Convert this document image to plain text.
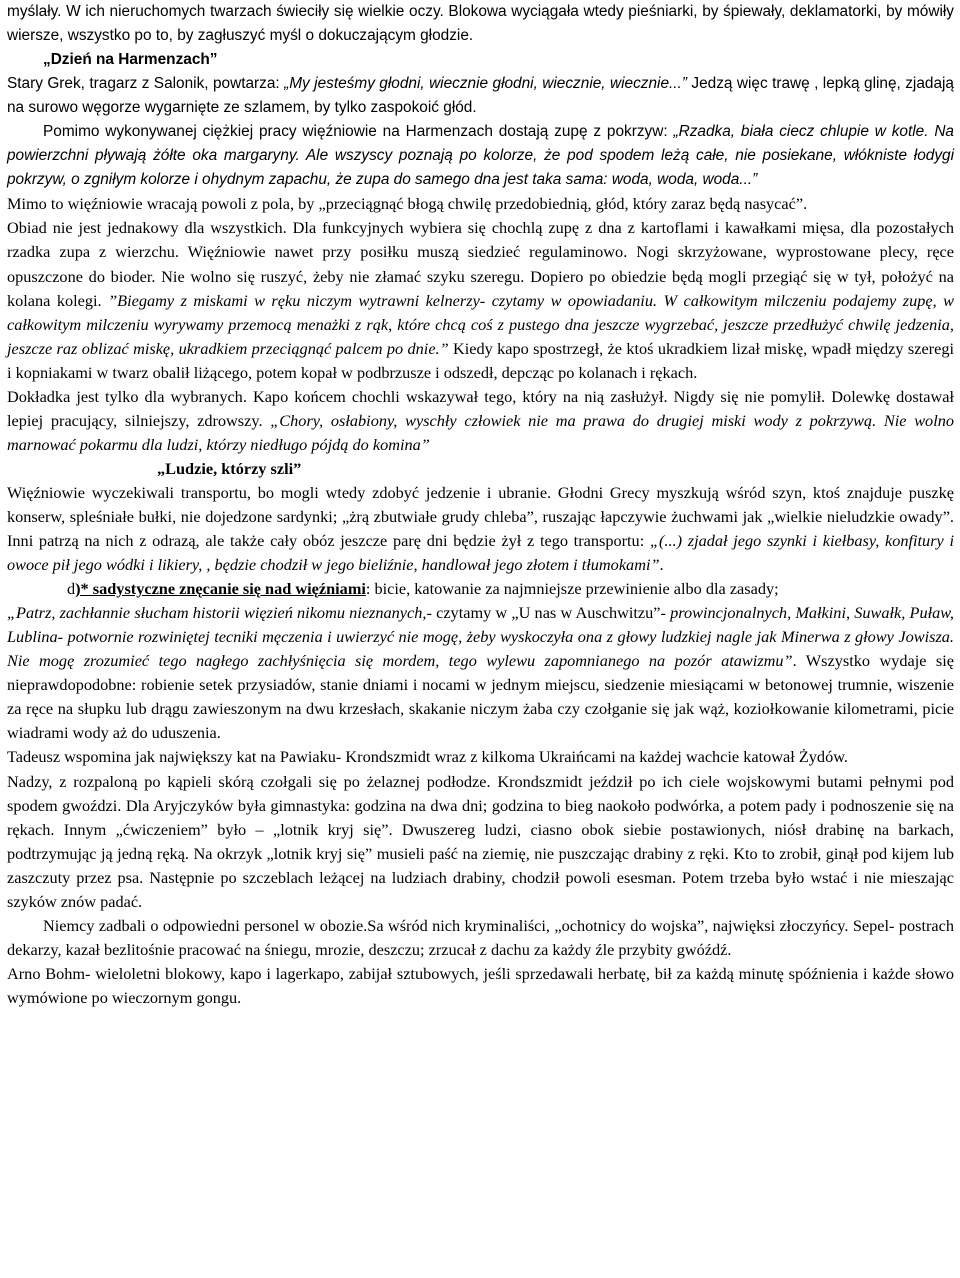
myślały. W ich nieruchomych twarzach świeciły się wielkie oczy. Blokowa wyciągała wtedy pieśniarki, by śpiewały, deklamatorki, by mówiły wiersze, wszystko po to, by zagłuszyć myśl o dokuczającym głodzie.

„Dzień na Harmenzach”

Stary Grek, tragarz z Salonik, powtarza: „My jesteśmy głodni, wiecznie głodni, wiecznie, wiecznie...” Jedzą więc trawę , lepką glinę, zjadają na surowo węgorze wygarnięte ze szlamem, by tylko zaspokoić głód.

Pomimo wykonywanej ciężkiej pracy więźniowie na Harmenzach dostają zupę z pokrzyw: „Rzadka, biała ciecz chlupie w kotle. Na powierzchni pływają żółte oka margaryny. Ale wszyscy poznają po kolorze, że pod spodem leżą całe, nie posiekane, włókniste łodygi pokrzyw, o zgniłym kolorze i ohydnym zapachu, że zupa do samego dna jest taka sama: woda, woda, woda...”

Mimo to więźniowie wracają powoli z pola, by „przeciągnąć błogą chwilę przedobiednią, głód, który zaraz będą nasycać”.

Obiad nie jest jednakowy dla wszystkich. Dla funkcyjnych wybiera się chochlą zupę z dna z kartoflami i kawałkami mięsa, dla pozostałych rzadka zupa z wierzchu. Więźniowie nawet przy posiłku muszą siedzieć regulaminowo. Nogi skrzyżowane, wyprostowane plecy, ręce opuszczone do bioder. Nie wolno się ruszyć, żeby nie złamać szyku szeregu. Dopiero po obiedzie będą mogli przegiąć się w tył, położyć na kolana kolegi. ”Biegamy z miskami w ręku niczym wytrawni kelnerzy- czytamy w opowiadaniu. W całkowitym milczeniu podajemy zupę, w całkowitym milczeniu wyrywamy przemocą menażki z rąk, które chcą coś z pustego dna jeszcze wygrzebać, jeszcze przedłużyć chwilę jedzenia, jeszcze raz oblizać miskę, ukradkiem przeciągnąć palcem po dnie.” Kiedy kapo spostrzegł, że ktoś ukradkiem lizał miskę, wpadł między szeregi i kopniakami w twarz obalił liżącego, potem kopał w podbrzusze i odszedł, depcząc po kolanach i rękach.

Dokładka jest tylko dla wybranych. Kapo końcem chochli wskazywał tego, który na nią zasłużył. Nigdy się nie pomylił. Dolewkę dostawał lepiej pracujący, silniejszy, zdrowszy. „Chory, osłabiony, wyschły człowiek nie ma prawa do drugiej miski wody z pokrzywą. Nie wolno marnować pokarmu dla ludzi, którzy niedługo pójdą do komina”

„Ludzie, którzy szli”

Więźniowie wyczekiwali transportu, bo mogli wtedy zdobyć jedzenie i ubranie. Głodni Grecy myszkują wśród szyn, ktoś znajduje puszkę konserw, spleśniałe bułki, nie dojedzone sardynki; „żrą zbutwiałe grudy chleba”, ruszając łapczywie żuchwami jak „wielkie nieludzkie owady”. Inni patrzą na nich z odrazą, ale także cały obóz jeszcze parę dni będzie żył z tego transportu: „(...) zjadał jego szynki i kiełbasy, konfitury i owoce pił jego wódki i likiery, , będzie chodził w jego bieliźnie, handlował jego złotem i tłumokami”.

d)* sadystyczne znęcanie się nad więźniami: bicie, katowanie za najmniejsze przewinienie albo dla zasady;

„Patrz, zachłannie słucham historii więzień nikomu nieznanych,- czytamy w „U nas w Auschwitzu”- prowincjonalnych, Małkini, Suwałk, Puław, Lublina- potwornie rozwiniętej tecniki męczenia i uwierzyć nie mogę, żeby wyskoczyła ona z głowy ludzkiej nagle jak Minerwa z głowy Jowisza. Nie mogę zrozumieć tego nagłego zachłyśnięcia się mordem, tego wylewu zapomnianego na pozór atawizmu”. Wszystko wydaje się nieprawdopodobne: robienie setek przysiadów, stanie dniami i nocami w jednym miejscu, siedzenie miesiącami w betonowej trumnie, wiszenie za ręce na słupku lub drągu zawieszonym na dwu krzesłach, skakanie niczym żaba czy czołganie się jak wąż, koziołkowanie kilometrami, picie wiadrami wody aż do uduszenia.

Tadeusz wspomina jak największy kat na Pawiaku- Krondszmidt wraz z kilkoma Ukraińcami na każdej wachcie katował Żydów.

Nadzy, z rozpaloną po kąpieli skórą czołgali się po żelaznej podłodze. Krondszmidt jeździł po ich ciele wojskowymi butami pełnymi pod spodem gwoździ. Dla Aryjczyków była gimnastyka: godzina na dwa dni; godzina to bieg naokoło podwórka, a potem pady i podnoszenie się na rękach. Innym „ćwiczeniem” było – „lotnik kryj się”. Dwuszereg ludzi, ciasno obok siebie postawionych, niósł drabinę na barkach, podtrzymując ją jedną ręką. Na okrzyk „lotnik kryj się” musieli paść na ziemię, nie puszczając drabiny z ręki. Kto to zrobił, ginął pod kijem lub zaszczuty przez psa. Następnie po szczeblach leżącej na ludziach drabiny, chodził powoli esesman. Potem trzeba było wstać i nie mieszając szyków znów padać.

Niemcy zadbali o odpowiedni personel w obozie.Sa wśród nich kryminaliści, „ochotnicy do wojska”, najwięksi złoczyńcy. Sepel- postrach dekarzy, kazał bezlitośnie pracować na śniegu, mrozie, deszczu; zrzucał z dachu za każdy źle przybity gwóźdź.

Arno Bohm- wieloletni blokowy, kapo i lagerkapo, zabijał sztubowych, jeśli sprzedawali herbatę, bił za każdą minutę spóźnienia i każde słowo wymówione po wieczornym gongu.
